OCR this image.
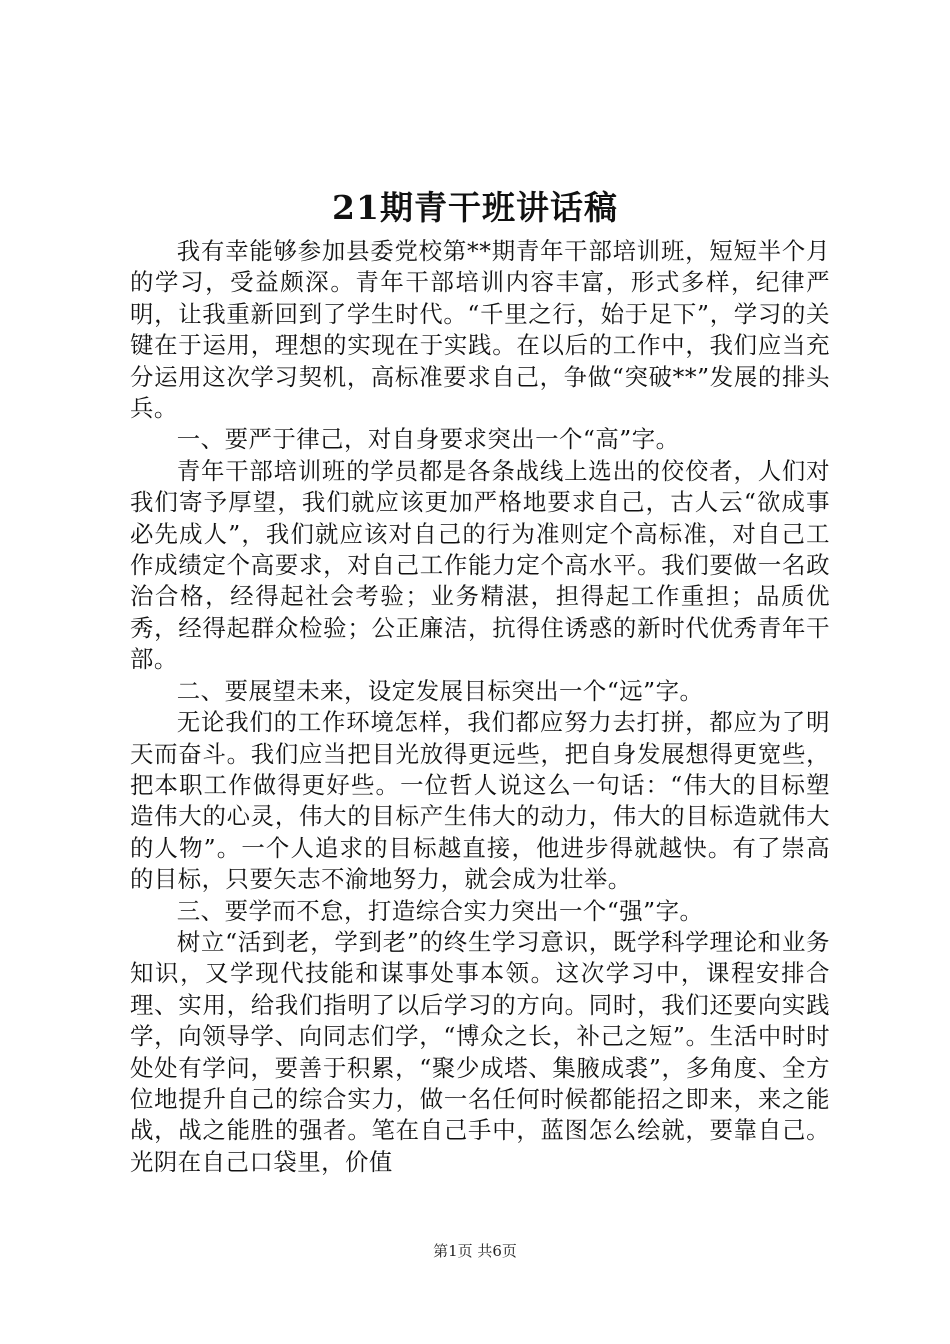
21期青干班讲话稿

我有幸能够参加县委党校第**期青年干部培训班，短短半个月的学习，受益颇深。青年干部培训内容丰富，形式多样，纪律严明，让我重新回到了学生时代。“千里之行，始于足下”，学习的关键在于运用，理想的实现在于实践。在以后的工作中，我们应当充分运用这次学习契机，高标准要求自己，争做“突破**”发展的排头兵。

一、要严于律己，对自身要求突出一个“高”字。

青年干部培训班的学员都是各条战线上选出的佼佼者，人们对我们寄予厚望，我们就应该更加严格地要求自己，古人云“欲成事必先成人”，我们就应该对自己的行为准则定个高标准，对自己工作成绩定个高要求，对自己工作能力定个高水平。我们要做一名政治合格，经得起社会考验；业务精湛，担得起工作重担；品质优秀，经得起群众检验；公正廉洁，抗得住诱惑的新时代优秀青年干部。

二、要展望未来，设定发展目标突出一个“远”字。

无论我们的工作环境怎样，我们都应努力去打拼，都应为了明天而奋斗。我们应当把目光放得更远些，把自身发展想得更宽些，把本职工作做得更好些。一位哲人说这么一句话：“伟大的目标塑造伟大的心灵，伟大的目标产生伟大的动力，伟大的目标造就伟大的人物”。一个人追求的目标越直接，他进步得就越快。有了崇高的目标，只要矢志不渝地努力，就会成为壮举。

三、要学而不怠，打造综合实力突出一个“强”字。

树立“活到老，学到老”的终生学习意识，既学科学理论和业务知识，又学现代技能和谋事处事本领。这次学习中，课程安排合理、实用，给我们指明了以后学习的方向。同时，我们还要向实践学，向领导学、向同志们学，“博众之长，补己之短”。生活中时时处处有学问，要善于积累，“聚少成塔、集腋成裘”，多角度、全方位地提升自己的综合实力，做一名任何时候都能招之即来，来之能战，战之能胜的强者。笔在自己手中，蓝图怎么绘就，要靠自己。光阴在自己口袋里，价值

第1页 共6页
